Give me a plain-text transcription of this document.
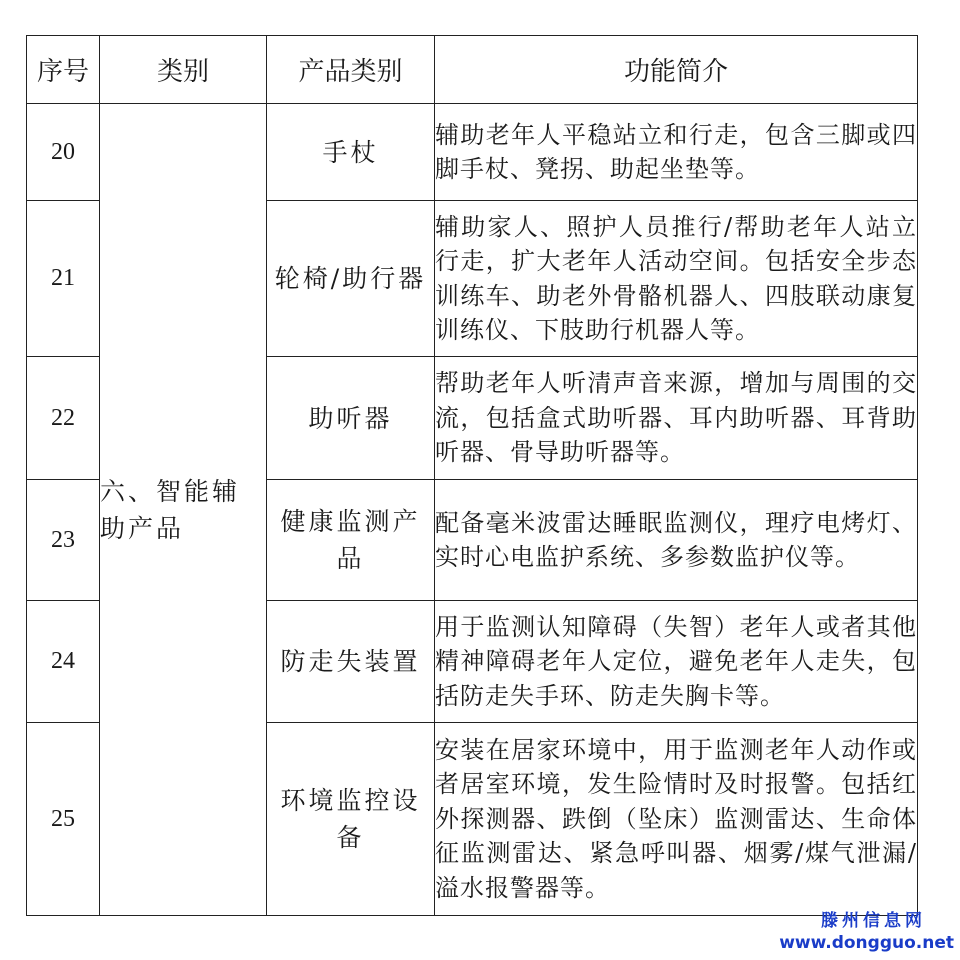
序号	类别	产品类别	功能简介
20	六、智能辅助产品	手杖	辅助老年人平稳站立和行走，包含三脚或四脚手杖、凳拐、助起坐垫等。
21		轮椅/助行器	辅助家人、照护人员推行/帮助老年人站立行走，扩大老年人活动空间。包括安全步态训练车、助老外骨骼机器人、四肢联动康复训练仪、下肢助行机器人等。
22		助听器	帮助老年人听清声音来源，增加与周围的交流，包括盒式助听器、耳内助听器、耳背助听器、骨导助听器等。
23		健康监测产品	配备毫米波雷达睡眠监测仪，理疗电烤灯、实时心电监护系统、多参数监护仪等。
24		防走失装置	用于监测认知障碍（失智）老年人或者其他精神障碍老年人定位，避免老年人走失，包括防走失手环、防走失胸卡等。
25		环境监控设备	安装在居家环境中，用于监测老年人动作或者居室环境，发生险情时及时报警。包括红外探测器、跌倒（坠床）监测雷达、生命体征监测雷达、紧急呼叫器、烟雾/煤气泄漏/溢水报警器等。
滕州信息网
www.dongguo.net
